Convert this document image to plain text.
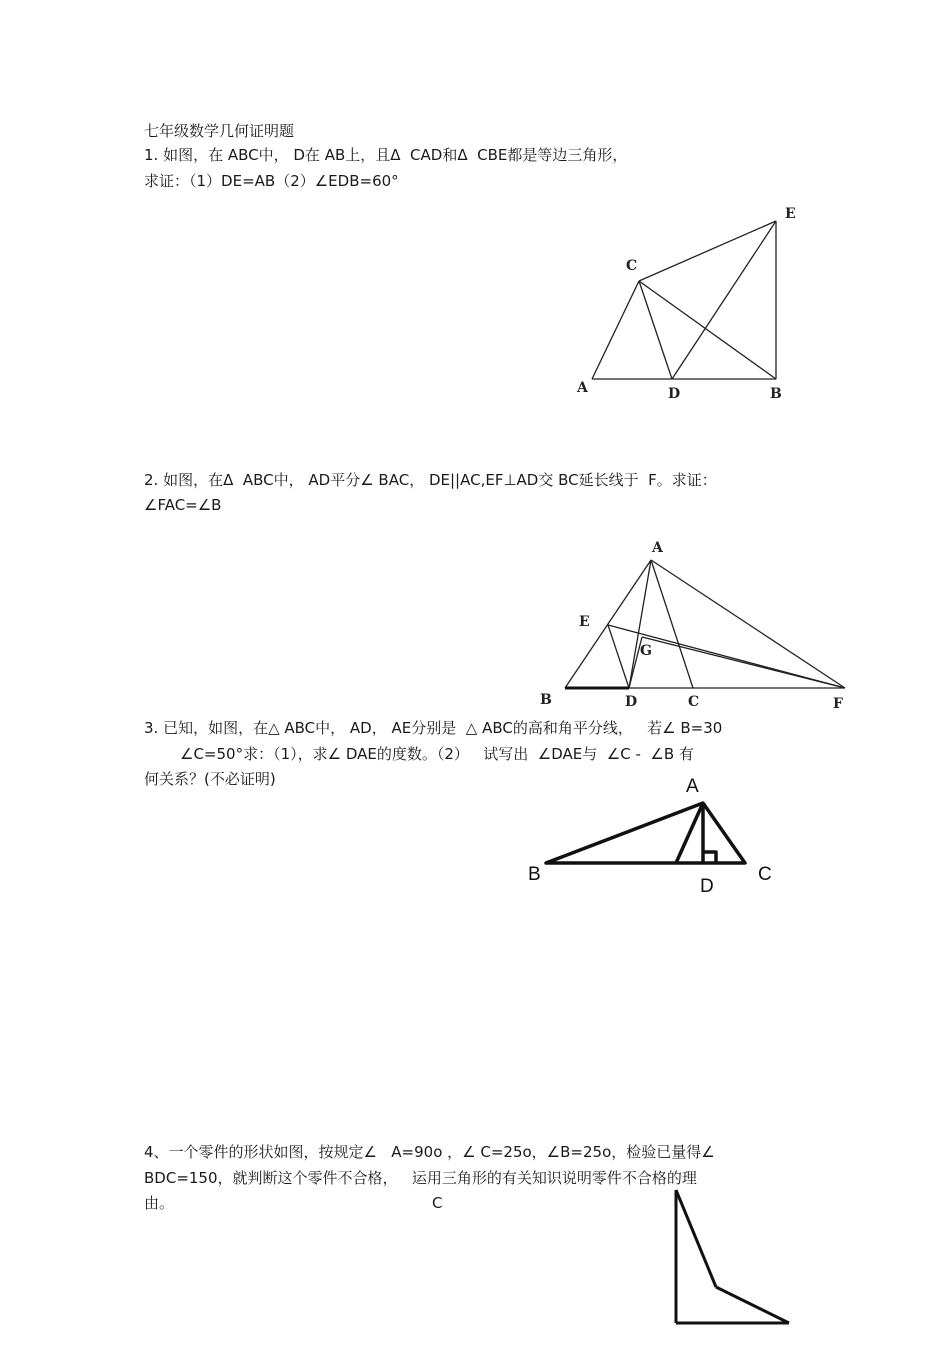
七年级数学几何证明题
1. 如图，在 ABC中， D在 AB上，且Δ  CAD和Δ  CBE都是等边三角形，
求证：（1）DE=AB（2）∠EDB=60°
A	B
C
D
E
2. 如图，在Δ  ABC中， AD平分∠ BAC， DE||AC,EF⊥AD交 BC延长线于  F。求证：
∠FAC=∠B
A
B	C
D
E
F
G
3. 已知，如图，在△ ABC中， AD， AE分别是  △ ABC的高和角平分线，   若∠ B=30
∠C=50°求：（1），求∠ DAE的度数。（2）   试写出  ∠DAE与  ∠C -  ∠B 有
何关系？(不必证明)	A
B	C
D
4、一个零件的形状如图，按规定∠   A=90o ，∠ C=25o，∠B=25o，检验已量得∠
BDC=150，就判断这个零件不合格，   运用三角形的有关知识说明零件不合格的理
由。	C
